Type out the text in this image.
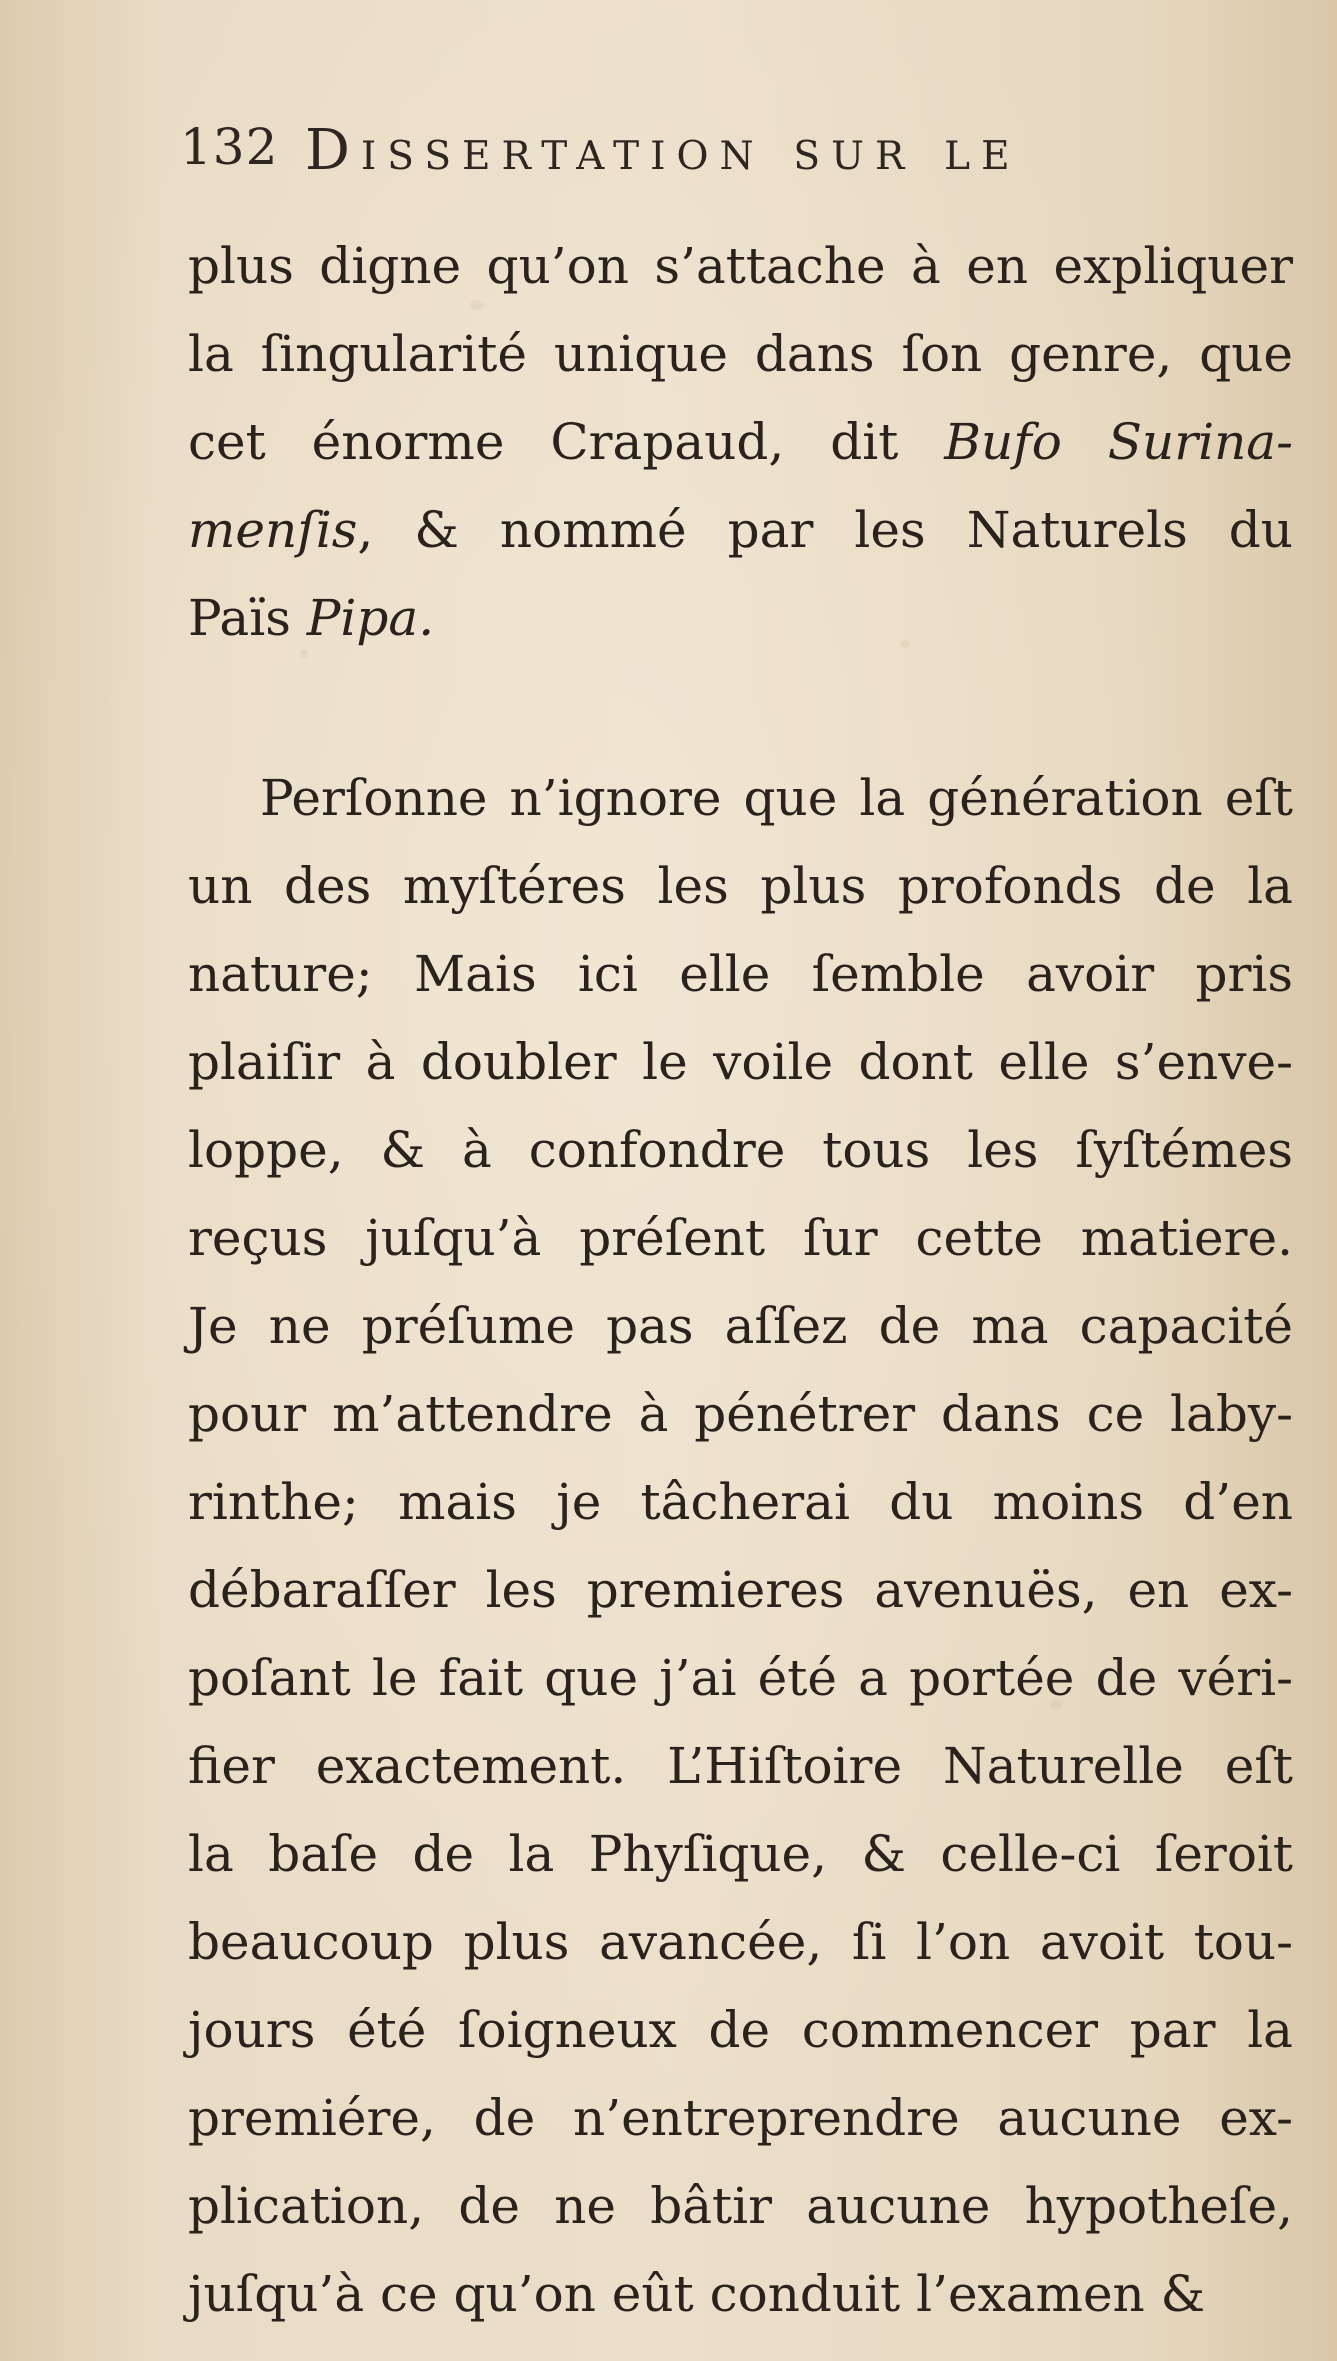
132 Dissertation sur le
plus digne qu’on s’attache à en expliquer
la ſingularité unique dans ſon genre, que
cet énorme Crapaud, dit Bufo Surina-
menſis, & nommé par les Naturels du
Païs Pipa.
Perſonne n’ignore que la génération eſt
un des myſtéres les plus profonds de la
nature; Mais ici elle ſemble avoir pris
plaiſir à doubler le voile dont elle s’enve-
loppe, & à confondre tous les ſyſtémes
reçus juſqu’à préſent ſur cette matiere.
Je ne préſume pas aſſez de ma capacité
pour m’attendre à pénétrer dans ce laby-
rinthe; mais je tâcherai du moins d’en
débaraſſer les premieres avenuës, en ex-
poſant le fait que j’ai été a portée de véri-
fier exactement. L’Hiſtoire Naturelle eſt
la baſe de la Phyſique, & celle-ci ſeroit
beaucoup plus avancée, ſi l’on avoit tou-
jours été ſoigneux de commencer par la
premiére, de n’entreprendre aucune ex-
plication, de ne bâtir aucune hypotheſe,
juſqu’à ce qu’on eût conduit l’examen &
